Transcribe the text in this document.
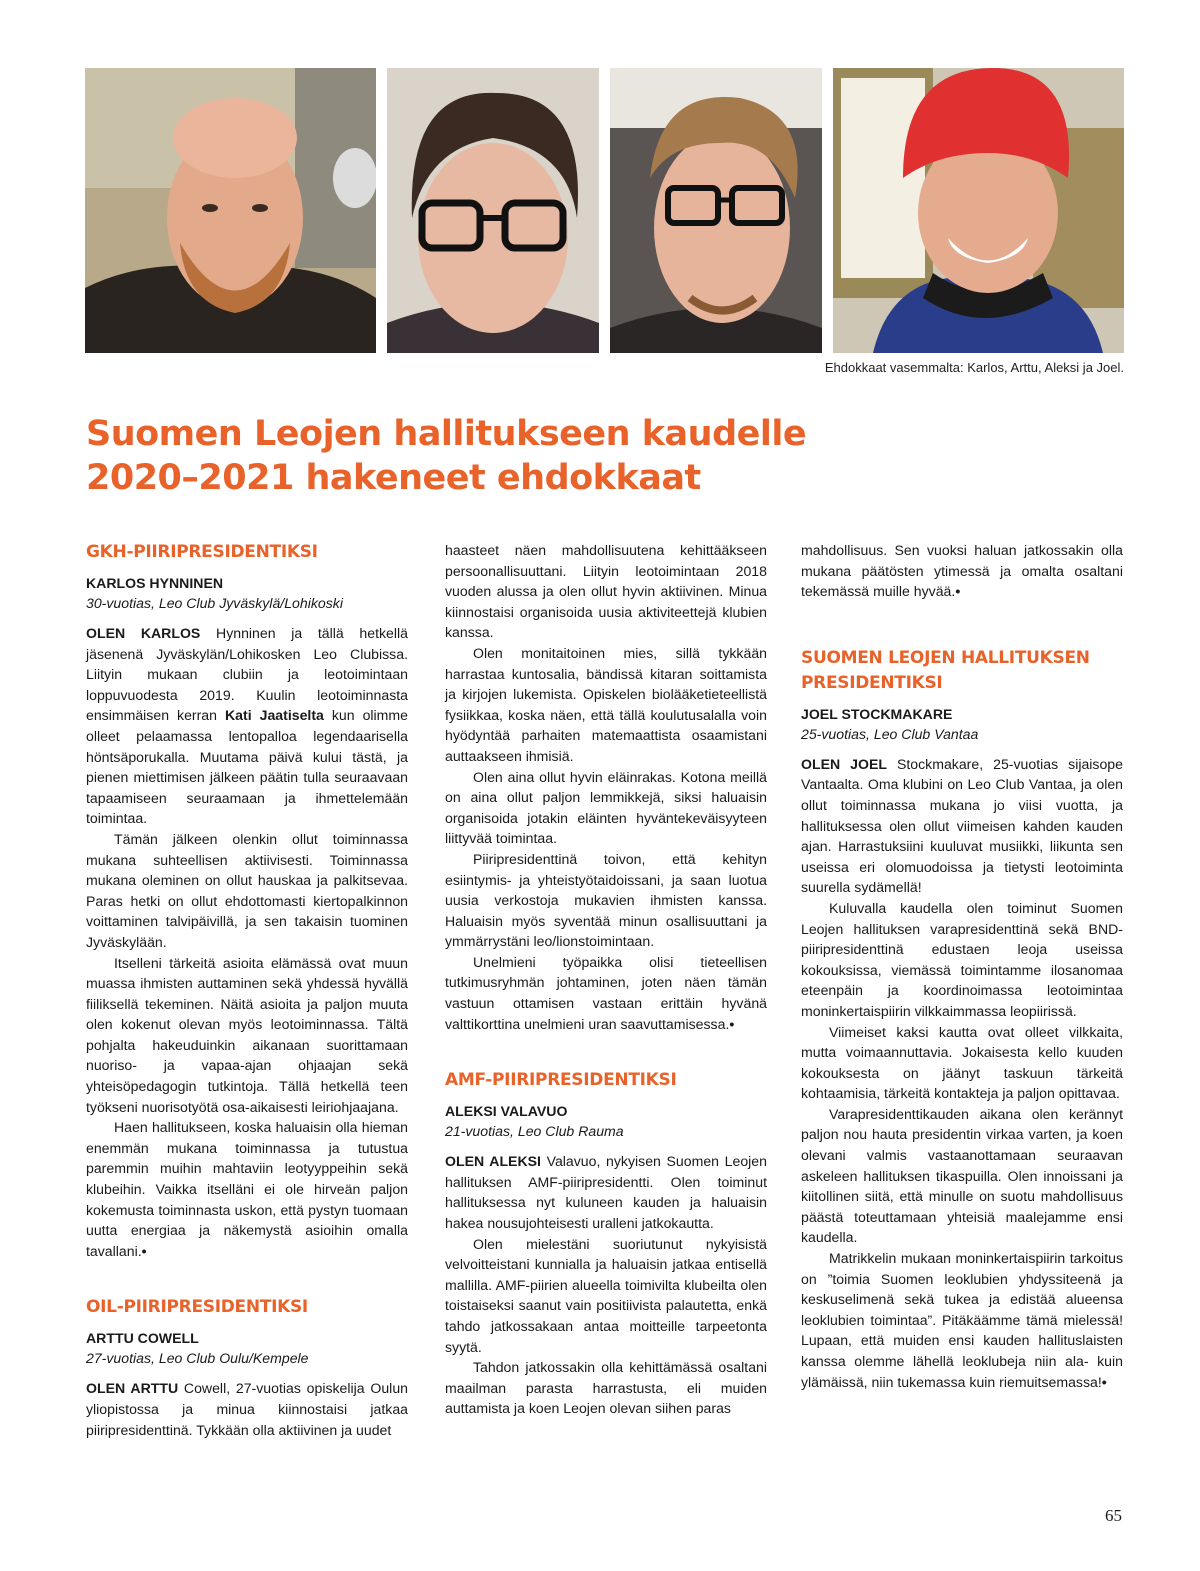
Ehdokkaat vasemmalta: Karlos, Arttu, Aleksi ja Joel.
Suomen Leojen hallitukseen kaudelle
2020–2021 hakeneet ehdokkaat
GKH-PIIRIPRESIDENTIKSI

KARLOS HYNNINEN

30-vuotias, Leo Club Jyväskylä/Lohikoski

OLEN KARLOS Hynninen ja tällä hetkellä jäsenenä Jyväskylän/Lohikosken Leo Clubissa. Liityin mukaan clubiin ja leotoimintaan loppuvuodesta 2019. Kuulin leotoiminnasta ensimmäisen kerran Kati Jaatiselta kun olimme olleet pelaamassa lentopalloa legendaarisella höntsäporukalla. Muutama päivä kului tästä, ja pienen miettimisen jälkeen päätin tulla seuraavaan tapaamiseen seuraamaan ja ihmettelemään toimintaa.

Tämän jälkeen olenkin ollut toiminnassa mukana suhteellisen aktiivisesti. Toiminnassa mukana oleminen on ollut hauskaa ja palkitsevaa. Paras hetki on ollut ehdottomasti kiertopalkinnon voittaminen talvipäivillä, ja sen takaisin tuominen Jyväskylään.

Itselleni tärkeitä asioita elämässä ovat muun muassa ihmisten auttaminen sekä yhdessä hyvällä fiiliksellä tekeminen. Näitä asioita ja paljon muuta olen kokenut olevan myös leotoiminnassa. Tältä pohjalta hakeuduinkin aikanaan suorittamaan nuoriso- ja vapaa-ajan ohjaajan sekä yhteisöpedagogin tutkintoja. Tällä hetkellä teen työkseni nuorisotyötä osa-aikaisesti leiriohjaajana.

Haen hallitukseen, koska haluaisin olla hieman enemmän mukana toiminnassa ja tutustua paremmin muihin mahtaviin leotyyppeihin sekä klubeihin. Vaikka itselläni ei ole hirveän paljon kokemusta toiminnasta uskon, että pystyn tuomaan uutta energiaa ja näkemystä asioihin omalla tavallani.•

OIL-PIIRIPRESIDENTIKSI

ARTTU COWELL

27-vuotias, Leo Club Oulu/Kempele

OLEN ARTTU Cowell, 27-vuotias opiskelija Oulun yliopistossa ja minua kiinnostaisi jatkaa piiripresidenttinä. Tykkään olla aktiivinen ja uudet

haasteet näen mahdollisuutena kehittääkseen persoonallisuuttani. Liityin leotoimintaan 2018 vuoden alussa ja olen ollut hyvin aktiivinen. Minua kiinnostaisi organisoida uusia aktiviteettejä klubien kanssa.

Olen monitaitoinen mies, sillä tykkään harrastaa kuntosalia, bändissä kitaran soittamista ja kirjojen lukemista. Opiskelen biolääketieteellistä fysiikkaa, koska näen, että tällä koulutusalalla voin hyödyntää parhaiten matemaattista osaamistani auttaakseen ihmisiä.

Olen aina ollut hyvin eläinrakas. Kotona meillä on aina ollut paljon lemmikkejä, siksi haluaisin organisoida jotakin eläinten hyväntekeväisyyteen liittyvää toimintaa.

Piiripresidenttinä toivon, että kehityn esiintymis- ja yhteistyötaidoissani, ja saan luotua uusia verkostoja mukavien ihmisten kanssa. Haluaisin myös syventää minun osallisuuttani ja ymmärrystäni leo/lionstoimintaan.

Unelmieni työpaikka olisi tieteellisen tutkimusryhmän johtaminen, joten näen tämän vastuun ottamisen vastaan erittäin hyvänä valttikorttina unelmieni uran saavuttamisessa.•

AMF-PIIRIPRESIDENTIKSI

ALEKSI VALAVUO

21-vuotias, Leo Club Rauma

OLEN ALEKSI Valavuo, nykyisen Suomen Leojen hallituksen AMF-piiripresidentti. Olen toiminut hallituksessa nyt kuluneen kauden ja haluaisin hakea nousujohteisesti uralleni jatkokautta.

Olen mielestäni suoriutunut nykyisistä velvoitteistani kunnialla ja haluaisin jatkaa entisellä mallilla. AMF-piirien alueella toimivilta klubeilta olen toistaiseksi saanut vain positiivista palautetta, enkä tahdo jatkossakaan antaa moitteille tarpeetonta syytä.

Tahdon jatkossakin olla kehittämässä osaltani maailman parasta harrastusta, eli muiden auttamista ja koen Leojen olevan siihen paras

mahdollisuus. Sen vuoksi haluan jatkossakin olla mukana päätösten ytimessä ja omalta osaltani tekemässä muille hyvää.•

SUOMEN LEOJEN HALLITUKSEN
PRESIDENTIKSI

JOEL STOCKMAKARE

25-vuotias, Leo Club Vantaa

OLEN JOEL Stockmakare, 25-vuotias sijaisope Vantaalta. Oma klubini on Leo Club Vantaa, ja olen ollut toiminnassa mukana jo viisi vuotta, ja hallituksessa olen ollut viimeisen kahden kauden ajan. Harrastuksiini kuuluvat musiikki, liikunta sen useissa eri olomuodoissa ja tietysti leotoiminta suurella sydämellä!

Kuluvalla kaudella olen toiminut Suomen Leojen hallituksen varapresidenttinä sekä BND-piiripresidenttinä edustaen leoja useissa kokouksissa, viemässä toimintamme ilosanomaa eteenpäin ja koordinoimassa leotoimintaa moninkertaispiirin vilkkaimmassa leopiirissä.

Viimeiset kaksi kautta ovat olleet vilkkaita, mutta voimaannuttavia. Jokaisesta kello kuuden kokouksesta on jäänyt taskuun tärkeitä kohtaamisia, tärkeitä kontakteja ja paljon opittavaa.

Varapresidenttikauden aikana olen kerännyt paljon nou hauta presidentin virkaa varten, ja koen olevani valmis vastaanottamaan seuraavan askeleen hallituksen tikaspuilla. Olen innoissani ja kiitollinen siitä, että minulle on suotu mahdollisuus päästä toteuttamaan yhteisiä maalejamme ensi kaudella.

Matrikkelin mukaan moninkertaispiirin tarkoitus on ”toimia Suomen leoklubien yhdyssiteenä ja keskuselimenä sekä tukea ja edistää alueensa leoklubien toimintaa”. Pitäkäämme tämä mielessä! Lupaan, että muiden ensi kauden hallituslaisten kanssa olemme lähellä leoklubeja niin ala- kuin ylämäissä, niin tukemassa kuin riemuitsemassa!•

65
